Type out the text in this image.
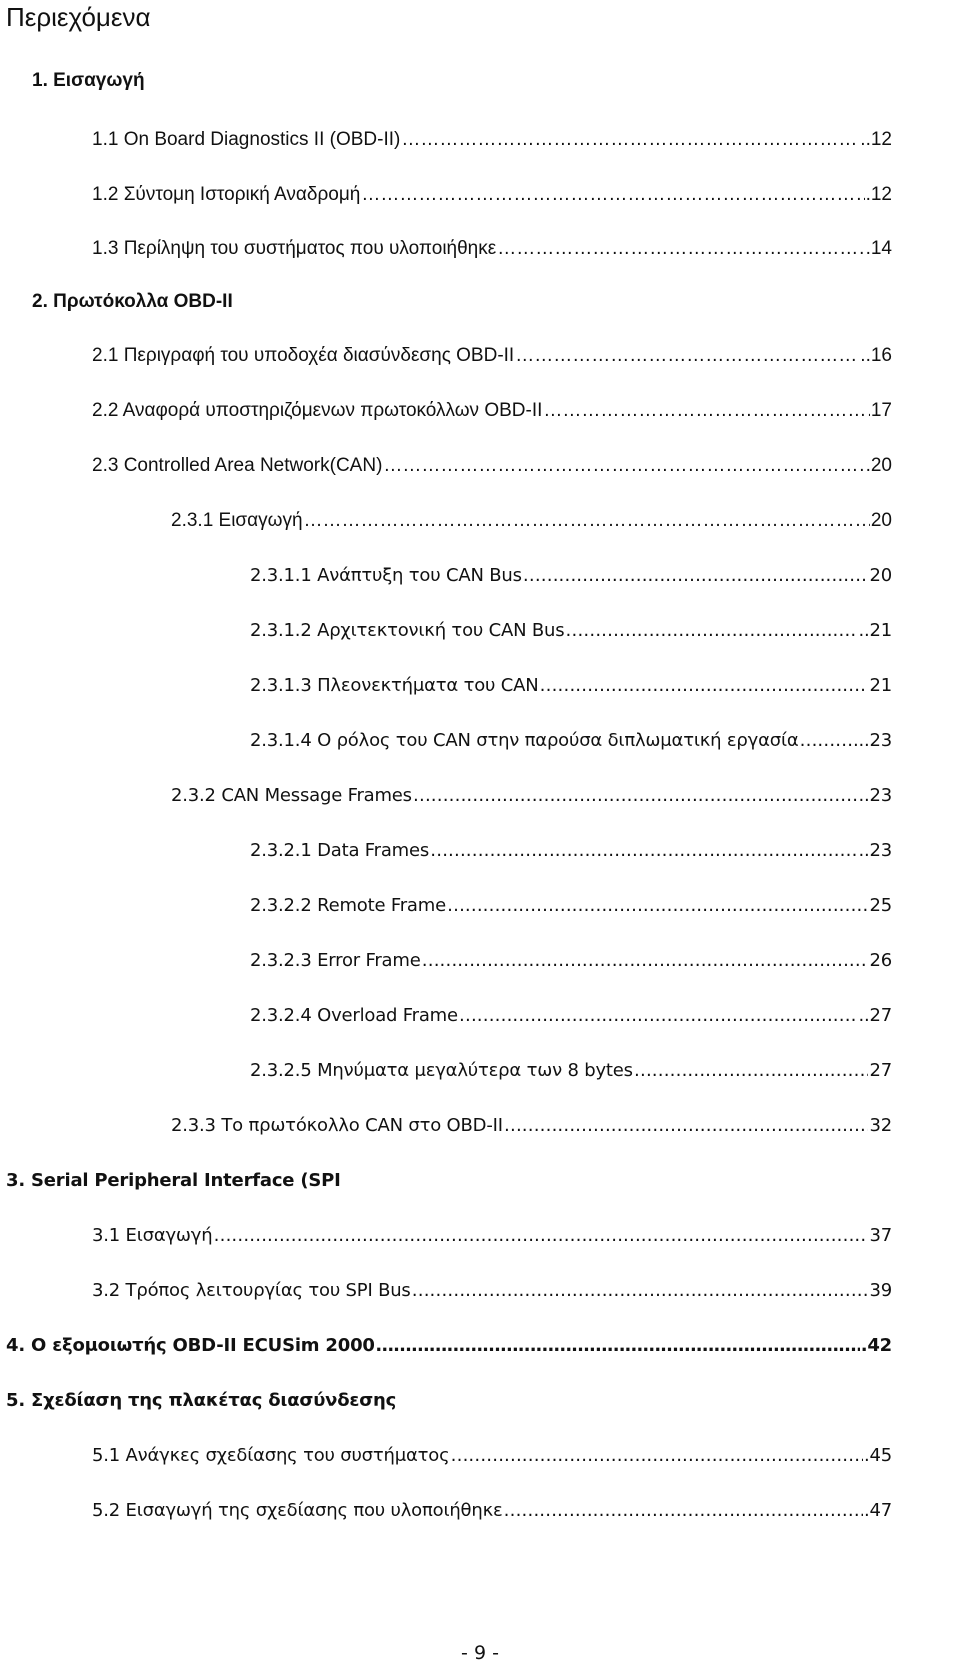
Περιεχόμενα
1. Εισαγωγή
1.1 On Board Diagnostics II (OBD-II) ……………………………………………………………………………………………………………………………………………………………………………………………………………………	..12
1.2 Σύντομη Ιστορική Αναδρομή ……………………………………………………………………………………………………………………………………………………………………………………………………………………	.12
1.3 Περίληψη του συστήματος που υλοποιήθηκε ……………………………………………………………………………………………………………………………………………………………………………………………………………………	.14
2. Πρωτόκολλα OBD-II
2.1 Περιγραφή του υποδοχέα διασύνδεσης OBD-II ……………………………………………………………………………………………………………………………………………………………………………………………………………………	..16
2.2 Αναφορά υποστηριζόμενων πρωτοκόλλων OBD-II ……………………………………………………………………………………………………………………………………………………………………………………………………………………	17
2.3 Controlled Area Network(CAN) ……………………………………………………………………………………………………………………………………………………………………………………………………………………	.20
2.3.1 Εισαγωγή ……………………………………………………………………………………………………………………………………………………………………………………………………………………	20
2.3.1.1 Ανάπτυξη του CAN Bus ……………………………………………………………………………………………………………………………………………………………………………………………………………………	20
2.3.1.2 Αρχιτεκτονική του CAN Bus ……………………………………………………………………………………………………………………………………………………………………………………………………………………	..21
2.3.1.3 Πλεονεκτήματα του CAN ……………………………………………………………………………………………………………………………………………………………………………………………………………………	21
2.3.1.4 Ο ρόλος του CAN στην παρούσα διπλωματική εργασία ……………………………………………………………………………………………………………………………………………………………………………………………………………………	..23
2.3.2 CAN Message Frames ……………………………………………………………………………………………………………………………………………………………………………………………………………………	..23
2.3.2.1 Data Frames ……………………………………………………………………………………………………………………………………………………………………………………………………………………	..23
2.3.2.2 Remote Frame ……………………………………………………………………………………………………………………………………………………………………………………………………………………	25
2.3.2.3 Error Frame ……………………………………………………………………………………………………………………………………………………………………………………………………………………	26
2.3.2.4 Overload Frame ……………………………………………………………………………………………………………………………………………………………………………………………………………………	..27
2.3.2.5 Μηνύματα μεγαλύτερα των 8 bytes ……………………………………………………………………………………………………………………………………………………………………………………………………………………	27
2.3.3 Το πρωτόκολλο CAN στο OBD-II ……………………………………………………………………………………………………………………………………………………………………………………………………………………	32
3. Serial Peripheral Interface (SPI
3.1 Εισαγωγή ……………………………………………………………………………………………………………………………………………………………………………………………………………………	37
3.2 Τρόπος λειτουργίας του SPI Bus ……………………………………………………………………………………………………………………………………………………………………………………………………………………	39
4. Ο εξομοιωτής OBD-II ECUSim 2000 ……………………………………………………………………………………………………………………………………………………………………………………………………………………	.42
5. Σχεδίαση της πλακέτας διασύνδεσης
5.1 Ανάγκες σχεδίασης του συστήματος ……………………………………………………………………………………………………………………………………………………………………………………………………………………	.45
5.2 Εισαγωγή της σχεδίασης που υλοποιήθηκε ……………………………………………………………………………………………………………………………………………………………………………………………………………………	.47
- 9 -
